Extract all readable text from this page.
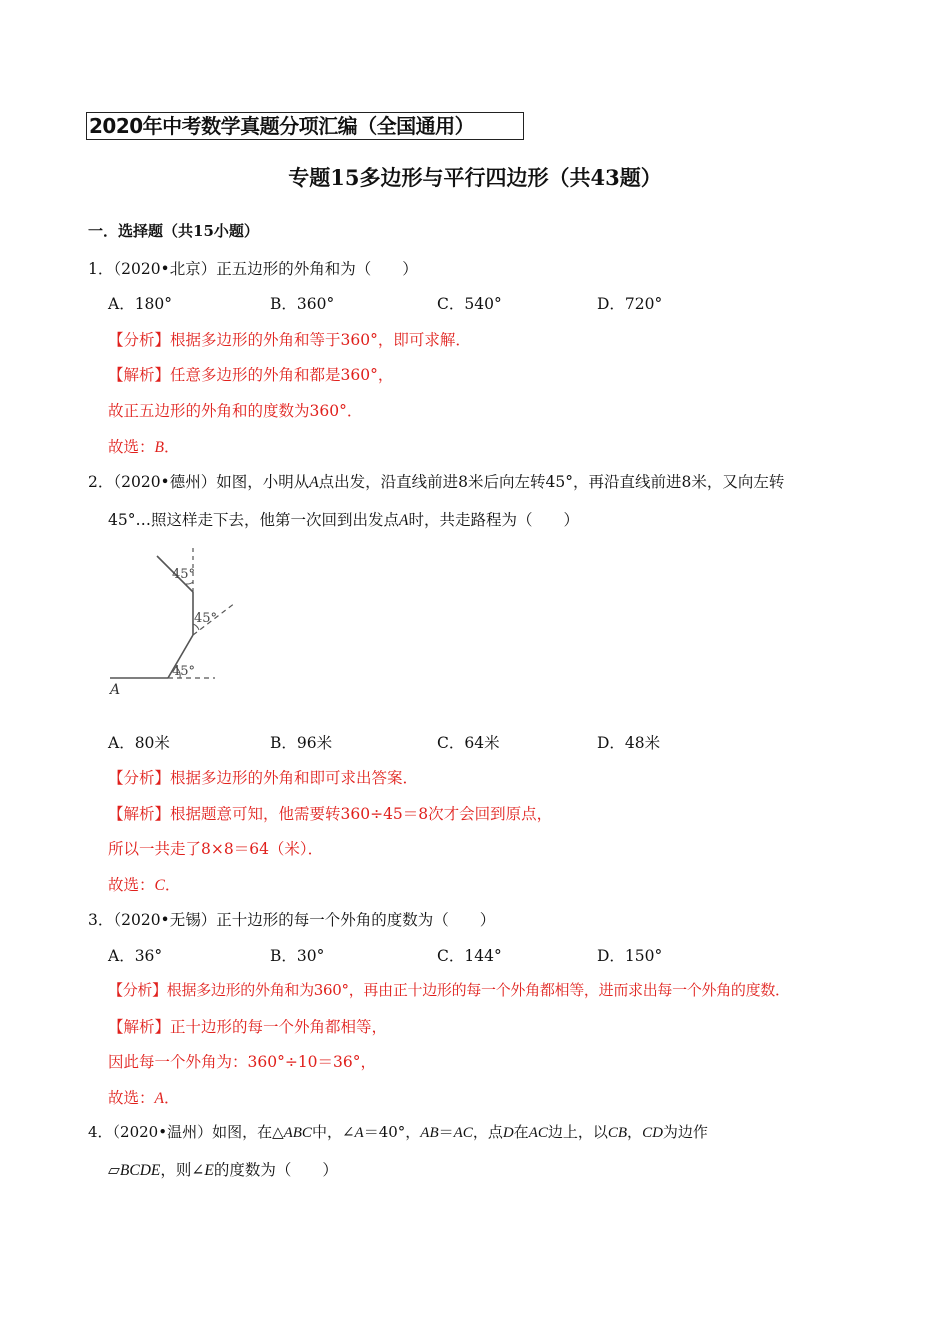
2020年中考数学真题分项汇编（全国通用）
专题15多边形与平行四边形（共43题）
一．选择题（共15小题）
1．（2020•北京）正五边形的外角和为（　　）
A．180°	B．360°	C．540°	D．720°
【分析】根据多边形的外角和等于360°，即可求解．
【解析】任意多边形的外角和都是360°，
故正五边形的外角和的度数为360°．
故选：B．
2．（2020•德州）如图，小明从A点出发，沿直线前进8米后向左转45°，再沿直线前进8米，又向左转
45°…照这样走下去，他第一次回到出发点A时，共走路程为（　　）
45°
45°
45°
A
A．80米	B．96米	C．64米	D．48米
【分析】根据多边形的外角和即可求出答案．
【解析】根据题意可知，他需要转360÷45＝8次才会回到原点，
所以一共走了8×8＝64（米）．
故选：C．
3．（2020•无锡）正十边形的每一个外角的度数为（　　）
A．36°	B．30°	C．144°	D．150°
【分析】根据多边形的外角和为360°，再由正十边形的每一个外角都相等，进而求出每一个外角的度数．
【解析】正十边形的每一个外角都相等，
因此每一个外角为：360°÷10＝36°，
故选：A．
4．（2020•温州）如图，在△ABC中，∠A＝40°，AB＝AC，点D在AC边上，以CB，CD为边作
▱BCDE，则∠E的度数为（　　）
